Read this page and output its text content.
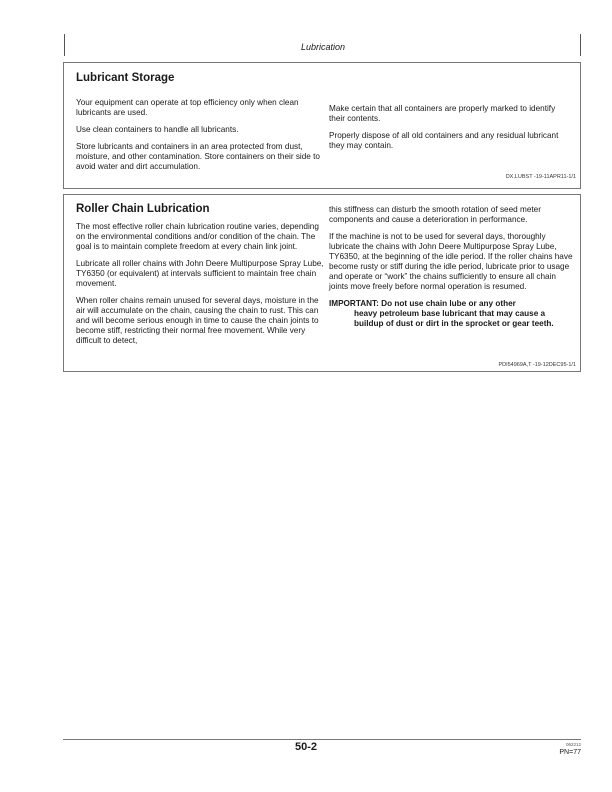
Lubrication
Lubricant Storage

Your equipment can operate at top efficiency only when clean lubricants are used.

Use clean containers to handle all lubricants.

Store lubricants and containers in an area protected from dust, moisture, and other contamination. Store containers on their side to avoid water and dirt accumulation.

Make certain that all containers are properly marked to identify their contents.

Properly dispose of all old containers and any residual lubricant they may contain.

DX,LUBST -19-11APR11-1/1
Roller Chain Lubrication

The most effective roller chain lubrication routine varies, depending on the environmental conditions and/or condition of the chain. The goal is to maintain complete freedom at every chain link joint.

Lubricate all roller chains with John Deere Multipurpose Spray Lube, TY6350 (or equivalent) at intervals sufficient to maintain free chain movement.

When roller chains remain unused for several days, moisture in the air will accumulate on the chain, causing the chain to rust. This can and will become serious enough in time to cause the chain joints to become stiff, restricting their normal free movement. While very difficult to detect,

this stiffness can disturb the smooth rotation of seed meter components and cause a deterioration in performance.

If the machine is not to be used for several days, thoroughly lubricate the chains with John Deere Multipurpose Spray Lube, TY6350, at the beginning of the idle period. If the roller chains have become rusty or stiff during the idle period, lubricate prior to usage and operate or “work” the chains sufficiently to ensure all chain joints move freely before normal operation is resumed.

IMPORTANT: Do not use chain lube or any other
heavy petroleum base lubricant that may cause a buildup of dust or dirt in the sprocket or gear teeth.
PDI54969A,T -19-12DEC95-1/1
50-2	062212
PN=77
